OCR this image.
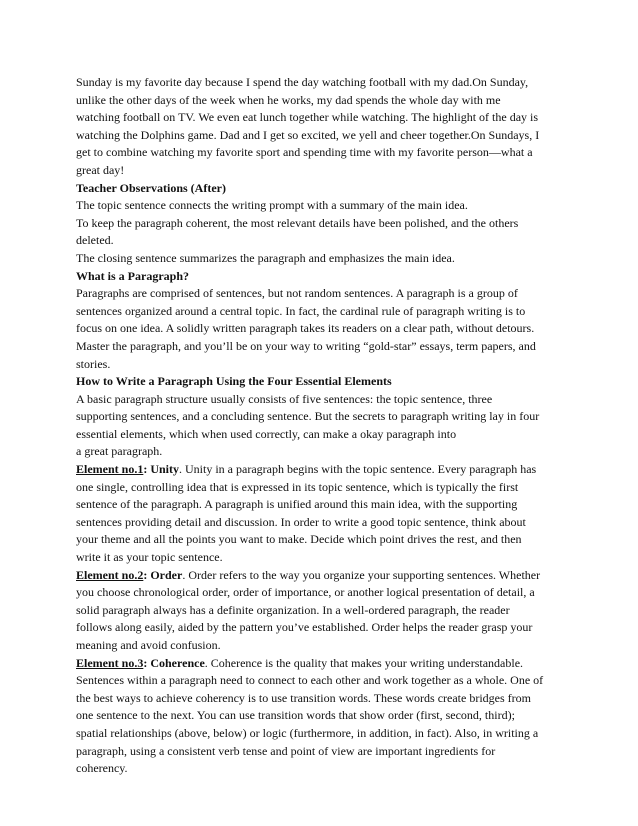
Sunday is my favorite day because I spend the day watching football with my dad.On Sunday,
unlike the other days of the week when he works, my dad spends the whole day with me
watching football on TV. We even eat lunch together while watching. The highlight of the day is
watching the Dolphins game. Dad and I get so excited, we yell and cheer together.On Sundays, I
get to combine watching my favorite sport and spending time with my favorite person—what a
great day!
Teacher Observations (After)
The topic sentence connects the writing prompt with a summary of the main idea.
To keep the paragraph coherent, the most relevant details have been polished, and the others
deleted.
The closing sentence summarizes the paragraph and emphasizes the main idea.
What is a Paragraph?
Paragraphs are comprised of sentences, but not random sentences. A paragraph is a group of
sentences organized around a central topic. In fact, the cardinal rule of paragraph writing is to
focus on one idea. A solidly written paragraph takes its readers on a clear path, without detours.
Master the paragraph, and you’ll be on your way to writing “gold-star” essays, term papers, and
stories.
How to Write a Paragraph Using the Four Essential Elements
A basic paragraph structure usually consists of five sentences: the topic sentence, three
supporting sentences, and a concluding sentence. But the secrets to paragraph writing lay in four
essential elements, which when used correctly, can make a okay paragraph into
a great paragraph.
Element no.1: Unity. Unity in a paragraph begins with the topic sentence. Every paragraph has
one single, controlling idea that is expressed in its topic sentence, which is typically the first
sentence of the paragraph. A paragraph is unified around this main idea, with the supporting
sentences providing detail and discussion. In order to write a good topic sentence, think about
your theme and all the points you want to make. Decide which point drives the rest, and then
write it as your topic sentence.
Element no.2: Order. Order refers to the way you organize your supporting sentences. Whether
you choose chronological order, order of importance, or another logical presentation of detail, a
solid paragraph always has a definite organization. In a well-ordered paragraph, the reader
follows along easily, aided by the pattern you’ve established. Order helps the reader grasp your
meaning and avoid confusion.
Element no.3: Coherence. Coherence is the quality that makes your writing understandable.
Sentences within a paragraph need to connect to each other and work together as a whole. One of
the best ways to achieve coherency is to use transition words. These words create bridges from
one sentence to the next. You can use transition words that show order (first, second, third);
spatial relationships (above, below) or logic (furthermore, in addition, in fact). Also, in writing a
paragraph, using a consistent verb tense and point of view are important ingredients for
coherency.
